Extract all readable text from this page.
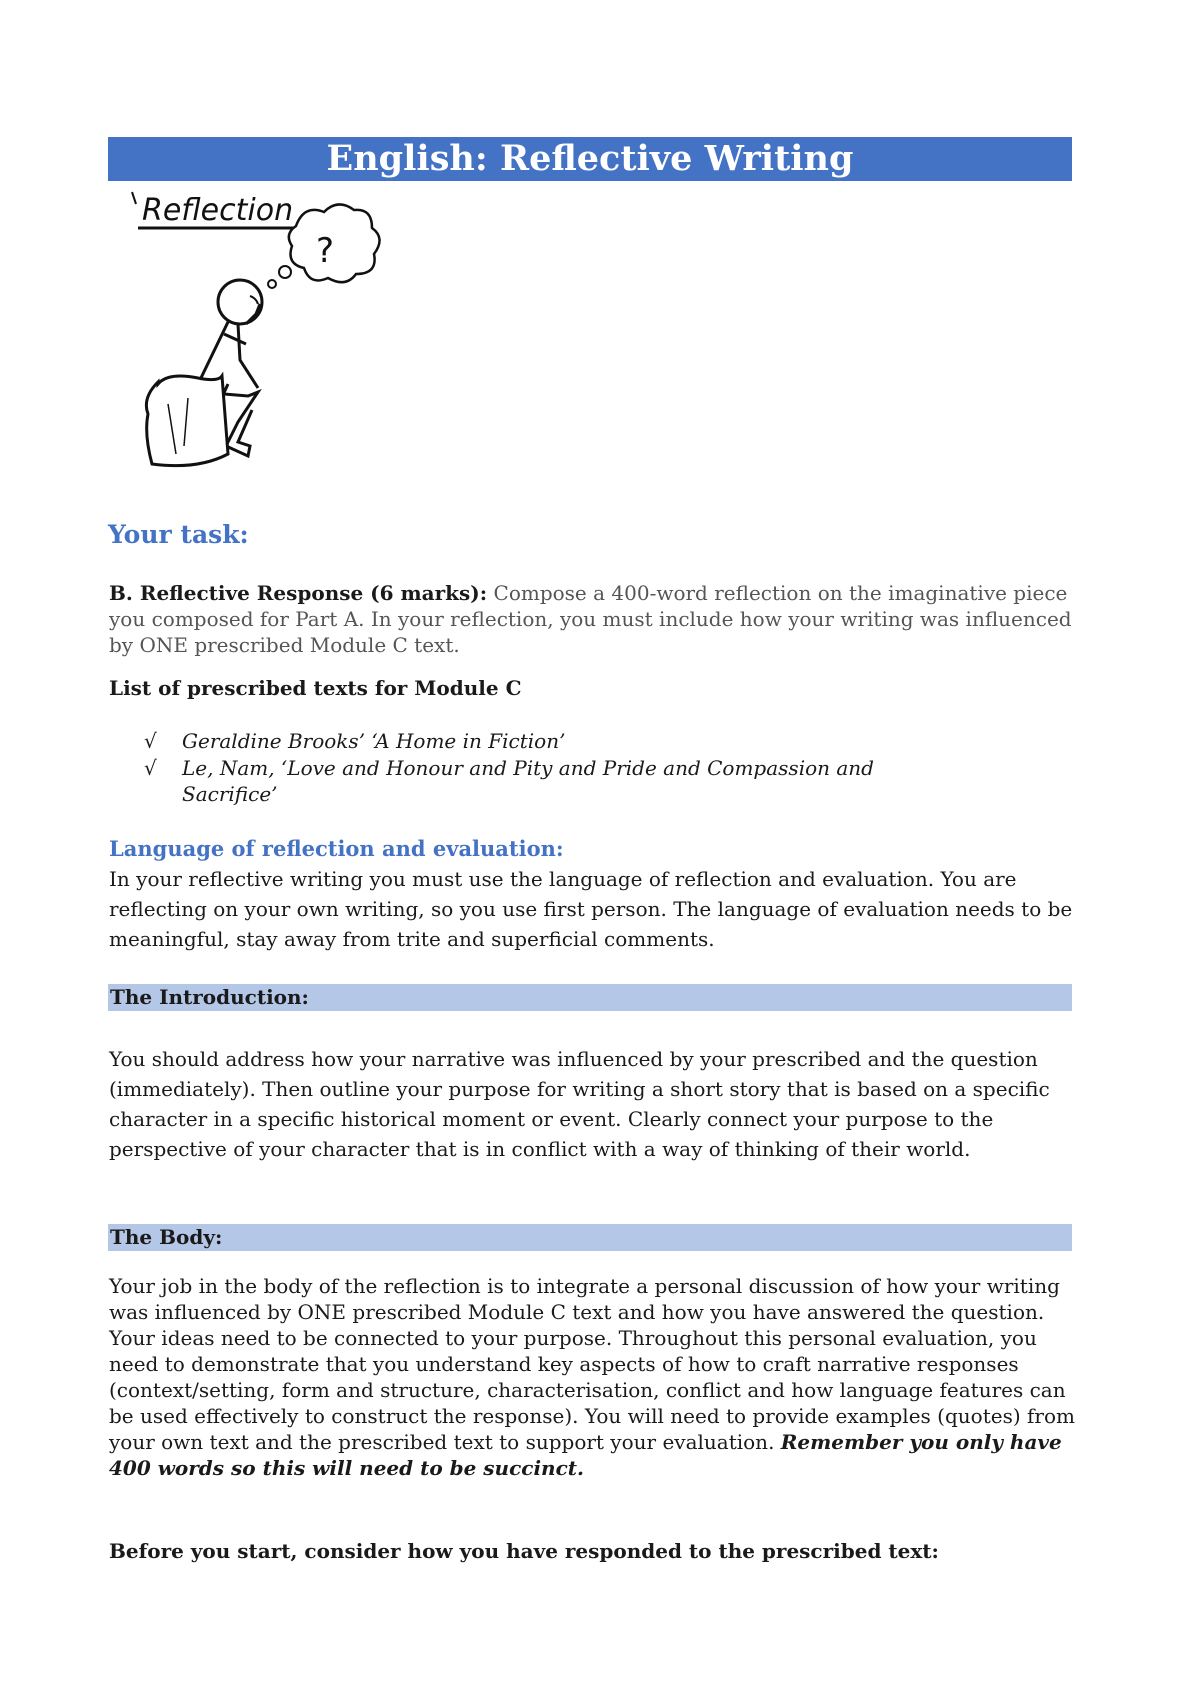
English: Reflective Writing
Reflection
?
Your task:
B. Reflective Response (6 marks): Compose a 400-word reflection on the imaginative piece you composed for Part A. In your reflection, you must include how your writing was influenced by ONE prescribed Module C text.
List of prescribed texts for Module C
√ Geraldine Brooks’ ‘A Home in Fiction’
√ Le, Nam, ‘Love and Honour and Pity and Pride and Compassion and Sacrifice’
Language of reflection and evaluation:
In your reflective writing you must use the language of reflection and evaluation. You are reflecting on your own writing, so you use first person. The language of evaluation needs to be meaningful, stay away from trite and superficial comments.
The Introduction:
You should address how your narrative was influenced by your prescribed and the question (immediately). Then outline your purpose for writing a short story that is based on a specific character in a specific historical moment or event. Clearly connect your purpose to the perspective of your character that is in conflict with a way of thinking of their world.
The Body:
Your job in the body of the reflection is to integrate a personal discussion of how your writing was influenced by ONE prescribed Module C text and how you have answered the question. Your ideas need to be connected to your purpose. Throughout this personal evaluation, you need to demonstrate that you understand key aspects of how to craft narrative responses (context/setting, form and structure, characterisation, conflict and how language features can be used effectively to construct the response). You will need to provide examples (quotes) from your own text and the prescribed text to support your evaluation. Remember you only have 400 words so this will need to be succinct.
Before you start, consider how you have responded to the prescribed text:
